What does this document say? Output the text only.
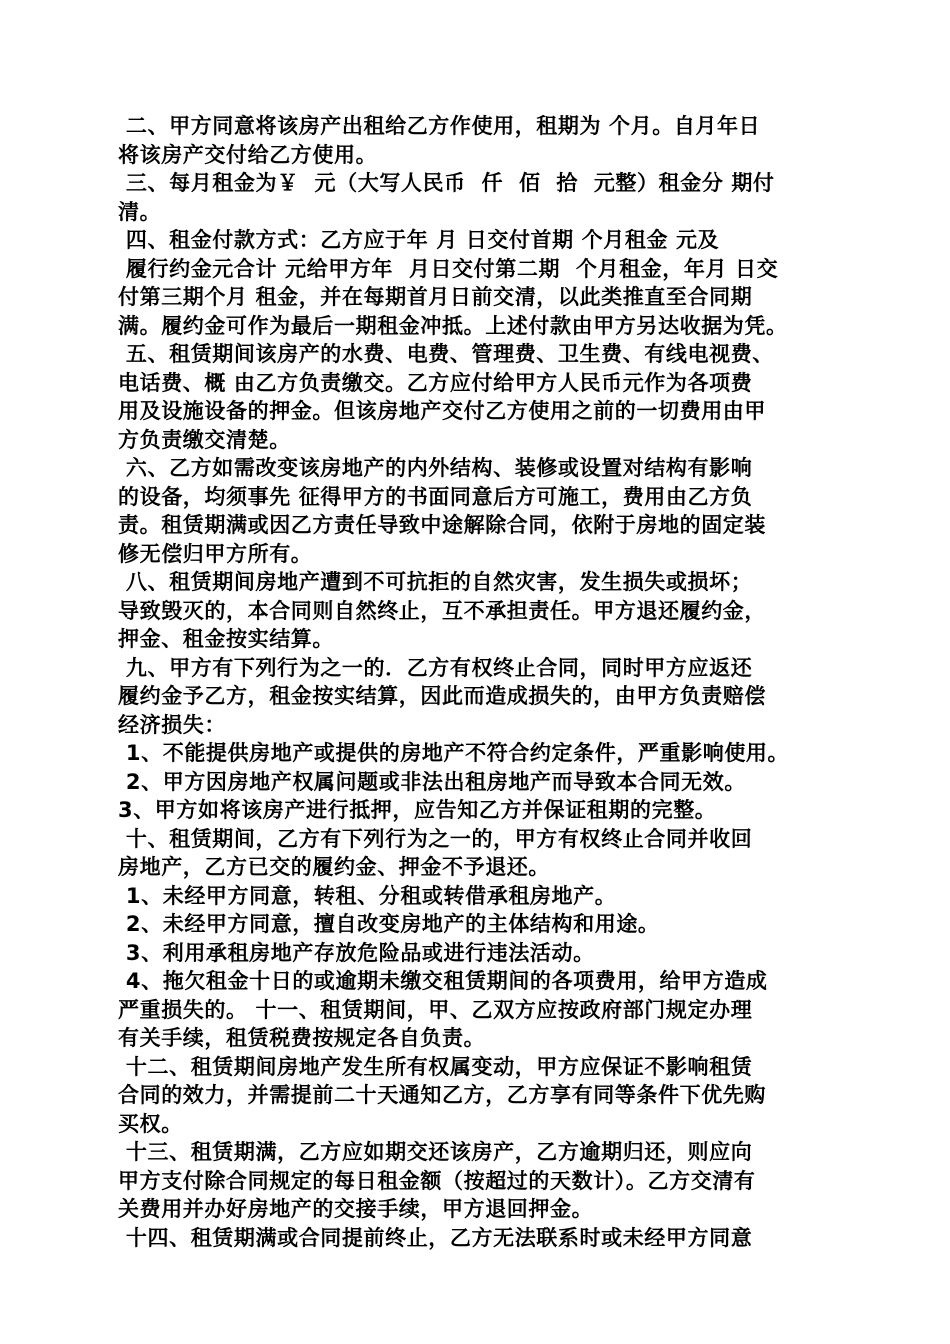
二、甲方同意将该房产出租给乙方作使用，租期为 个月。自月年日
将该房产交付给乙方使用。
三、每月租金为￥  元（大写人民币  仟  佰  拾  元整）租金分 期付
清。
四、租金付款方式：乙方应于年 月 日交付首期 个月租金 元及
履行约金元合计 元给甲方年  月日交付第二期  个月租金，年月 日交
付第三期个月 租金，并在每期首月日前交清，以此类推直至合同期
满。履约金可作为最后一期租金冲抵。上述付款由甲方另达收据为凭。
五、租赁期间该房产的水费、电费、管理费、卫生费、有线电视费、
电话费、概 由乙方负责缴交。乙方应付给甲方人民币元作为各项费
用及设施设备的押金。但该房地产交付乙方使用之前的一切费用由甲
方负责缴交清楚。
六、乙方如需改变该房地产的内外结构、装修或设置对结构有影响
的设备，均须事先 征得甲方的书面同意后方可施工，费用由乙方负
责。租赁期满或因乙方责任导致中途解除合同，依附于房地的固定装
修无偿归甲方所有。
八、租赁期间房地产遭到不可抗拒的自然灾害，发生损失或损坏；
导致毁灭的，本合同则自然终止，互不承担责任。甲方退还履约金，
押金、租金按实结算。
九、甲方有下列行为之一的．乙方有权终止合同，同时甲方应返还
履约金予乙方，租金按实结算，因此而造成损失的，由甲方负责赔偿
经济损失：
1、不能提供房地产或提供的房地产不符合约定条件，严重影响使用。
2、甲方因房地产权属问题或非法出租房地产而导致本合同无效。
3、甲方如将该房产进行抵押，应告知乙方并保证租期的完整。
十、租赁期间，乙方有下列行为之一的，甲方有权终止合同并收回
房地产，乙方已交的履约金、押金不予退还。
1、未经甲方同意，转租、分租或转借承租房地产。
2、未经甲方同意，擅自改变房地产的主体结构和用途。
3、利用承租房地产存放危险品或进行违法活动。
4、拖欠租金十日的或逾期未缴交租赁期间的各项费用，给甲方造成
严重损失的。 十一、租赁期间，甲、乙双方应按政府部门规定办理
有关手续，租赁税费按规定各自负责。
十二、租赁期间房地产发生所有权属变动，甲方应保证不影响租赁
合同的效力，并需提前二十天通知乙方，乙方享有同等条件下优先购
买权。
十三、租赁期满，乙方应如期交还该房产，乙方逾期归还，则应向
甲方支付除合同规定的每日租金额（按超过的天数计）。乙方交清有
关费用并办好房地产的交接手续，甲方退回押金。
十四、租赁期满或合同提前终止，乙方无法联系时或未经甲方同意
